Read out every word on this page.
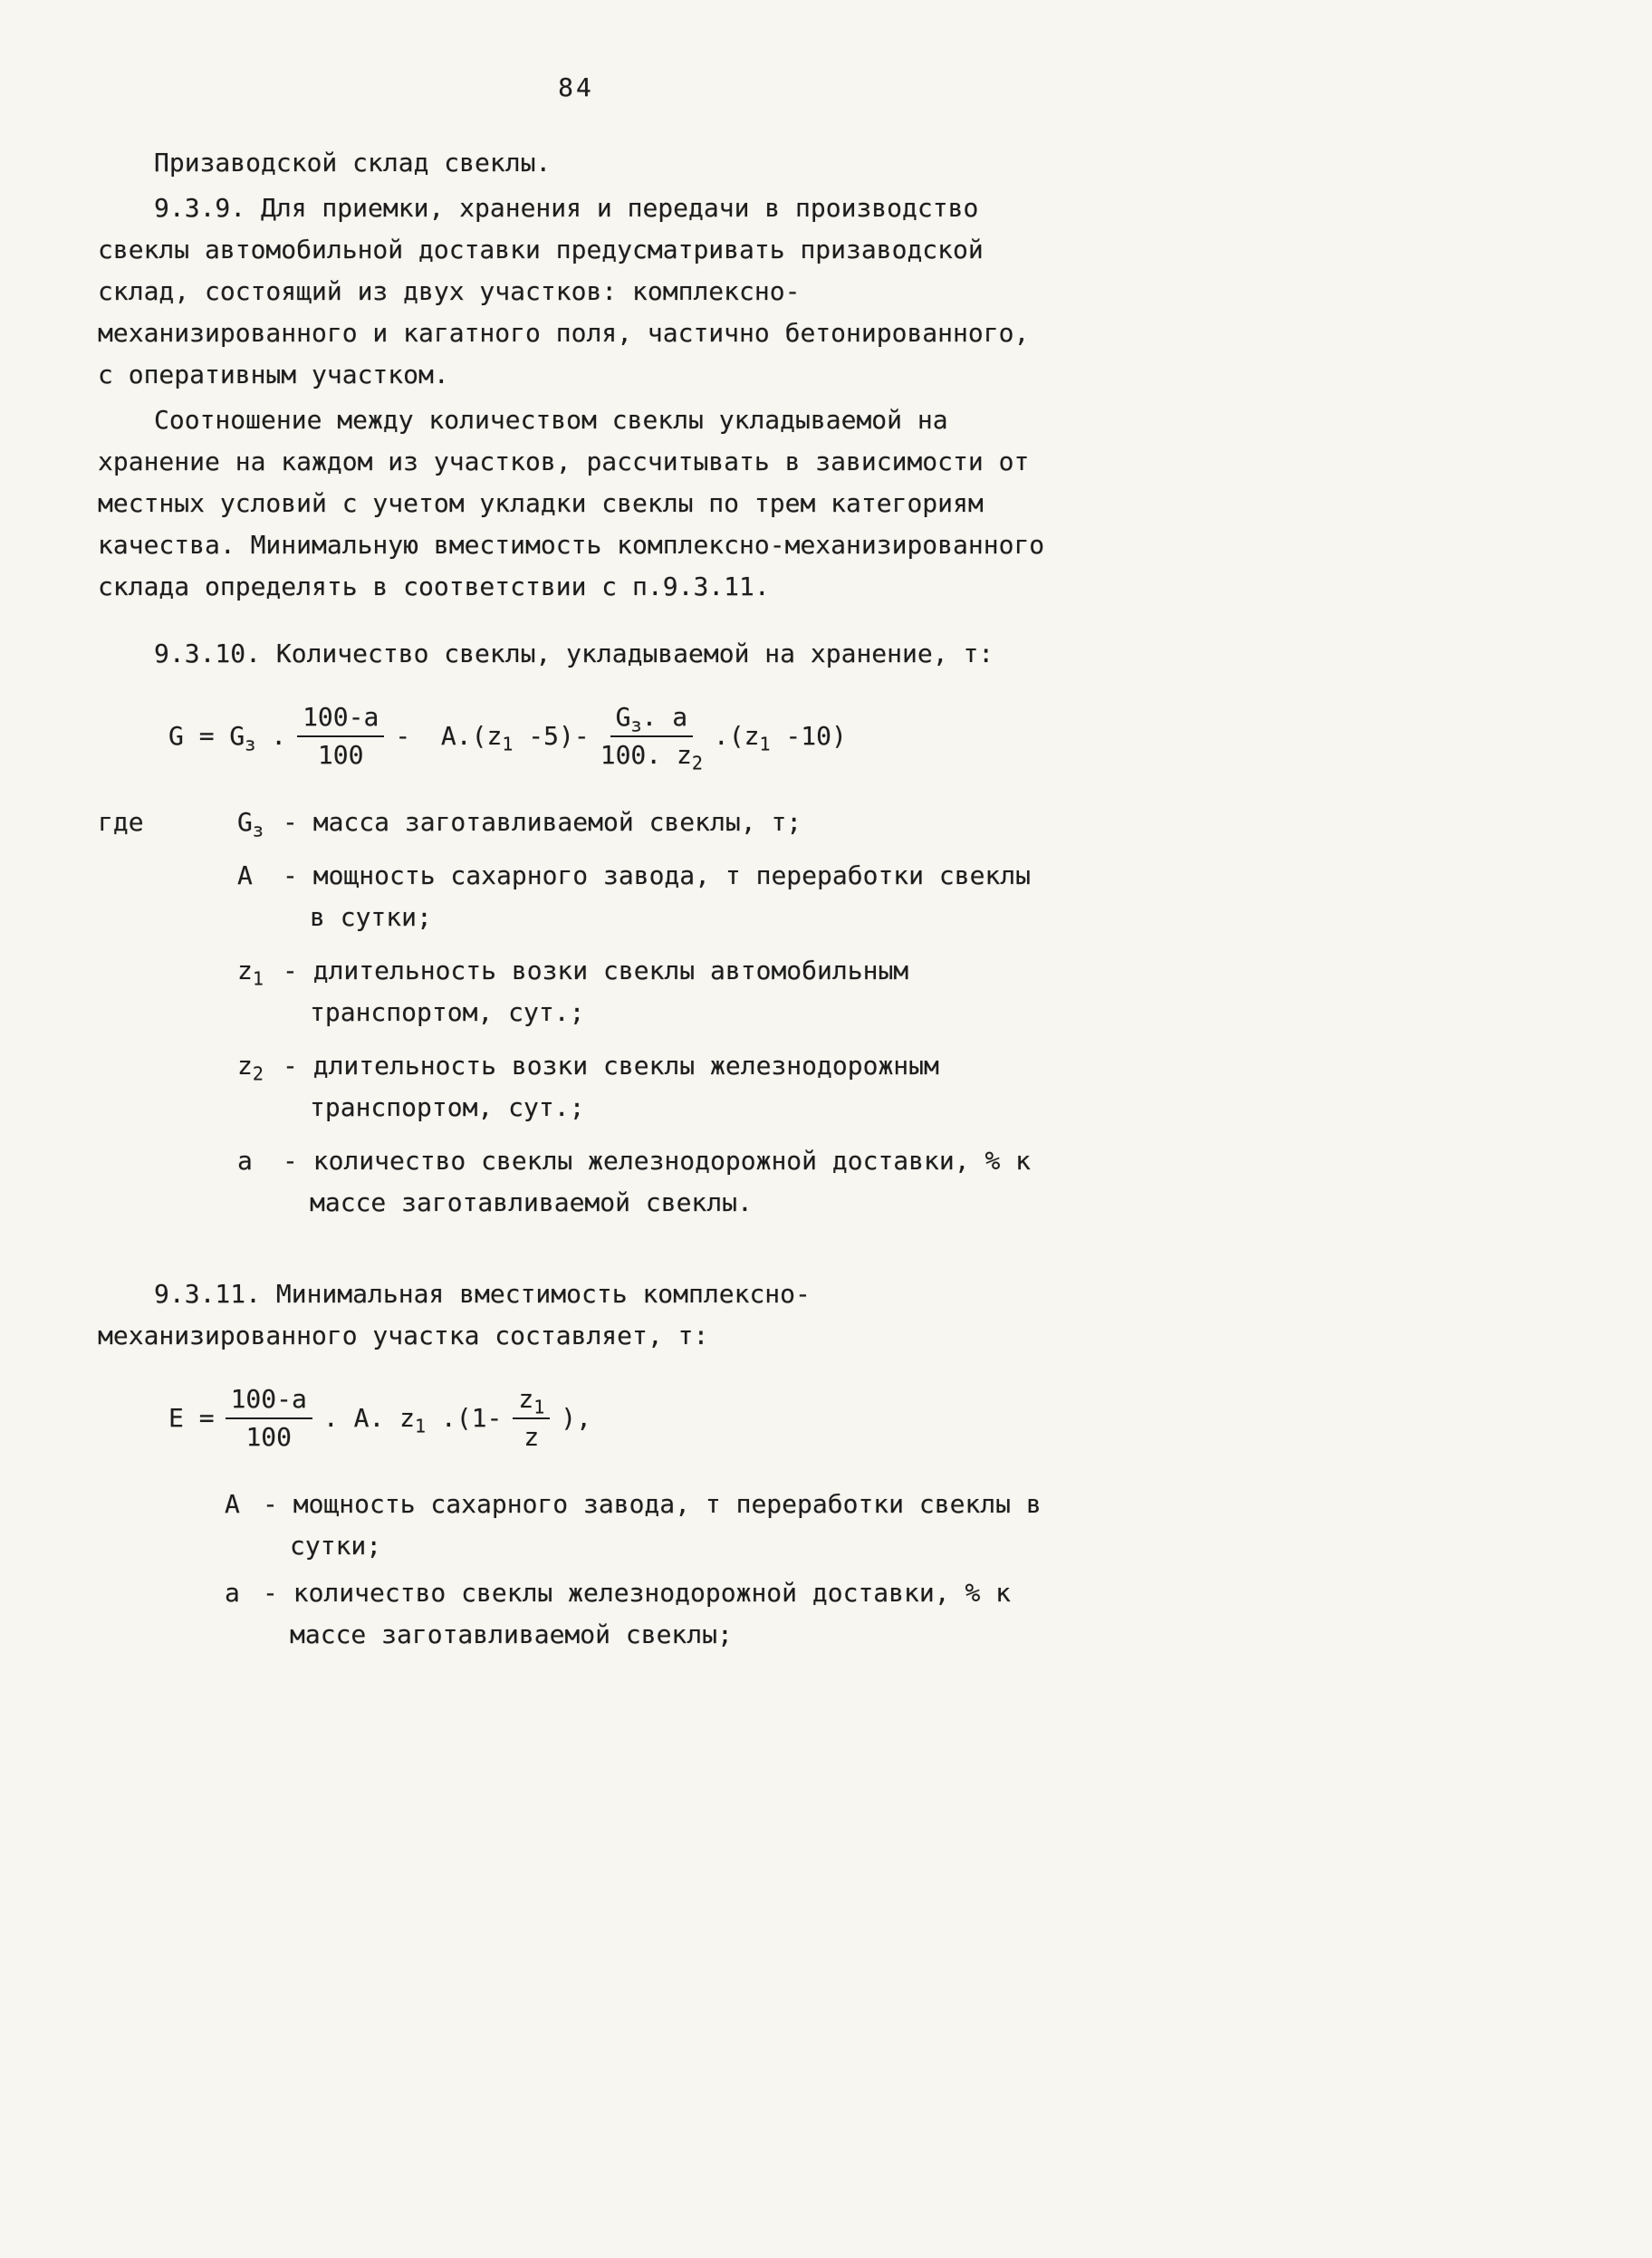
84

Призаводской склад свеклы.

9.3.9. Для приемки, хранения и передачи в производство свеклы автомобильной доставки предусматривать призаводской склад, состоящий из двух участков: комплексно-механизированного и кагатного поля, частично бетонированного, с оперативным участком.

Соотношение между количеством свеклы укладываемой на хранение на каждом из участков, рассчитывать в зависимости от местных условий с учетом укладки свеклы по трем категориям качества. Минимальную вместимость комплексно-механизированного склада определять в соответствии с п.9.3.11.

9.3.10. Количество свеклы, укладываемой на хранение, т:

$G = G_з$ . $\frac{100-а}{100} - А.(z_1$ $-5)- \frac{G_з. а}{100. z_2} .(z_1$ -10)
где	$G_з$ - масса заготавливаемой свеклы, т;
А	- мощность сахарного завода, т переработки свеклы в сутки;
$z_1$ - длительность возки свеклы автомобильным транспортом, сут.;
$z_2$ - длительность возки свеклы железнодорожным транспортом, сут.;
а	- количество свеклы железнодорожной доставки, % к массе заготавливаемой свеклы.

9.3.11. Минимальная вместимость комплексно-механизированного участка составляет, т:

$E = \frac{100-а}{100}$ . А. $z_1$ $.(1- \frac{z_1}{z}$ ),
А - мощность сахарного завода, т переработки свеклы в сутки;
а - количество свеклы железнодорожной доставки, % к массе заготавливаемой свеклы;
